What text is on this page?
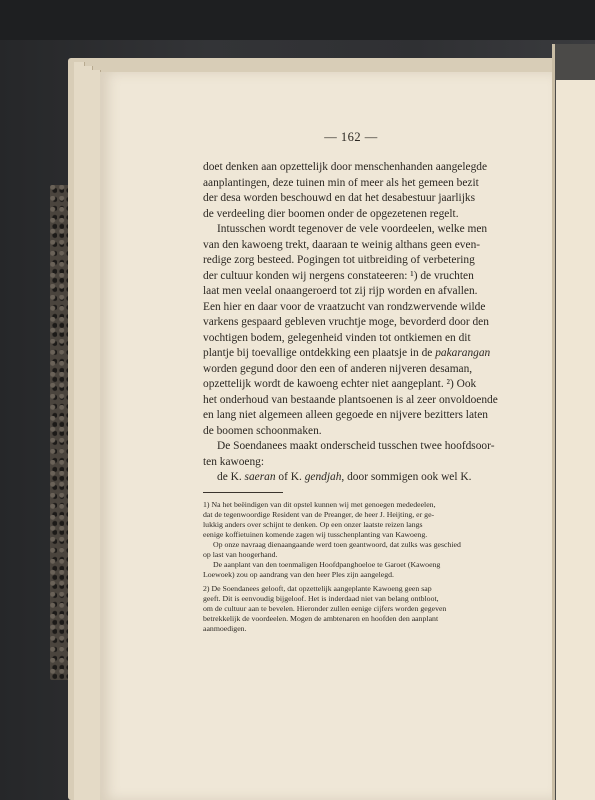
— 162 —
doet denken aan opzettelijk door menschenhanden aangelegde
aanplantingen, deze tuinen min of meer als het gemeen bezit
der desa worden beschouwd en dat het desabestuur jaarlijks
de verdeeling dier boomen onder de opgezetenen regelt.
Intusschen wordt tegenover de vele voordeelen, welke men
van den kawoeng trekt, daaraan te weinig althans geen even-
redige zorg besteed. Pogingen tot uitbreiding of verbetering
der cultuur konden wij nergens constateeren: ¹) de vruchten
laat men veelal onaangeroerd tot zij rijp worden en afvallen.
Een hier en daar voor de vraatzucht van rondzwervende wilde
varkens gespaard gebleven vruchtje moge, bevorderd door den
vochtigen bodem, gelegenheid vinden tot ontkiemen en dit
plantje bij toevallige ontdekking een plaatsje in de pakarangan
worden gegund door den een of anderen nijveren desaman,
opzettelijk wordt de kawoeng echter niet aangeplant. ²) Ook
het onderhoud van bestaande plantsoenen is al zeer onvoldoende
en lang niet algemeen alleen gegoede en nijvere bezitters laten
de boomen schoonmaken.
De Soendanees maakt onderscheid tusschen twee hoofdsoor-
ten kawoeng:
de K. saeran of K. gendjah, door sommigen ook wel K.
1) Na het beëindigen van dit opstel kunnen wij met genoegen mededeelen,
dat de tegenwoordige Resident van de Preanger, de heer J. Heijting, er ge-
lukkig anders over schijnt te denken. Op een onzer laatste reizen langs
eenige koffietuinen komende zagen wij tusschenplanting van Kawoeng.
Op onze navraag dienaangaande werd toen geantwoord, dat zulks was geschied
op last van hoogerhand.
De aanplant van den toenmaligen Hoofdpanghoeloe te Garoet (Kawoeng
Loewoek) zou op aandrang van den heer Ples zijn aangelegd.
2) De Soendanees gelooft, dat opzettelijk aangeplante Kawoeng geen sap
geeft. Dit is eenvoudig bijgeloof. Het is inderdaad niet van belang ontbloot,
om de cultuur aan te bevelen. Hieronder zullen eenige cijfers worden gegeven
betrekkelijk de voordeelen. Mogen de ambtenaren en hoofden den aanplant
aanmoedigen.
